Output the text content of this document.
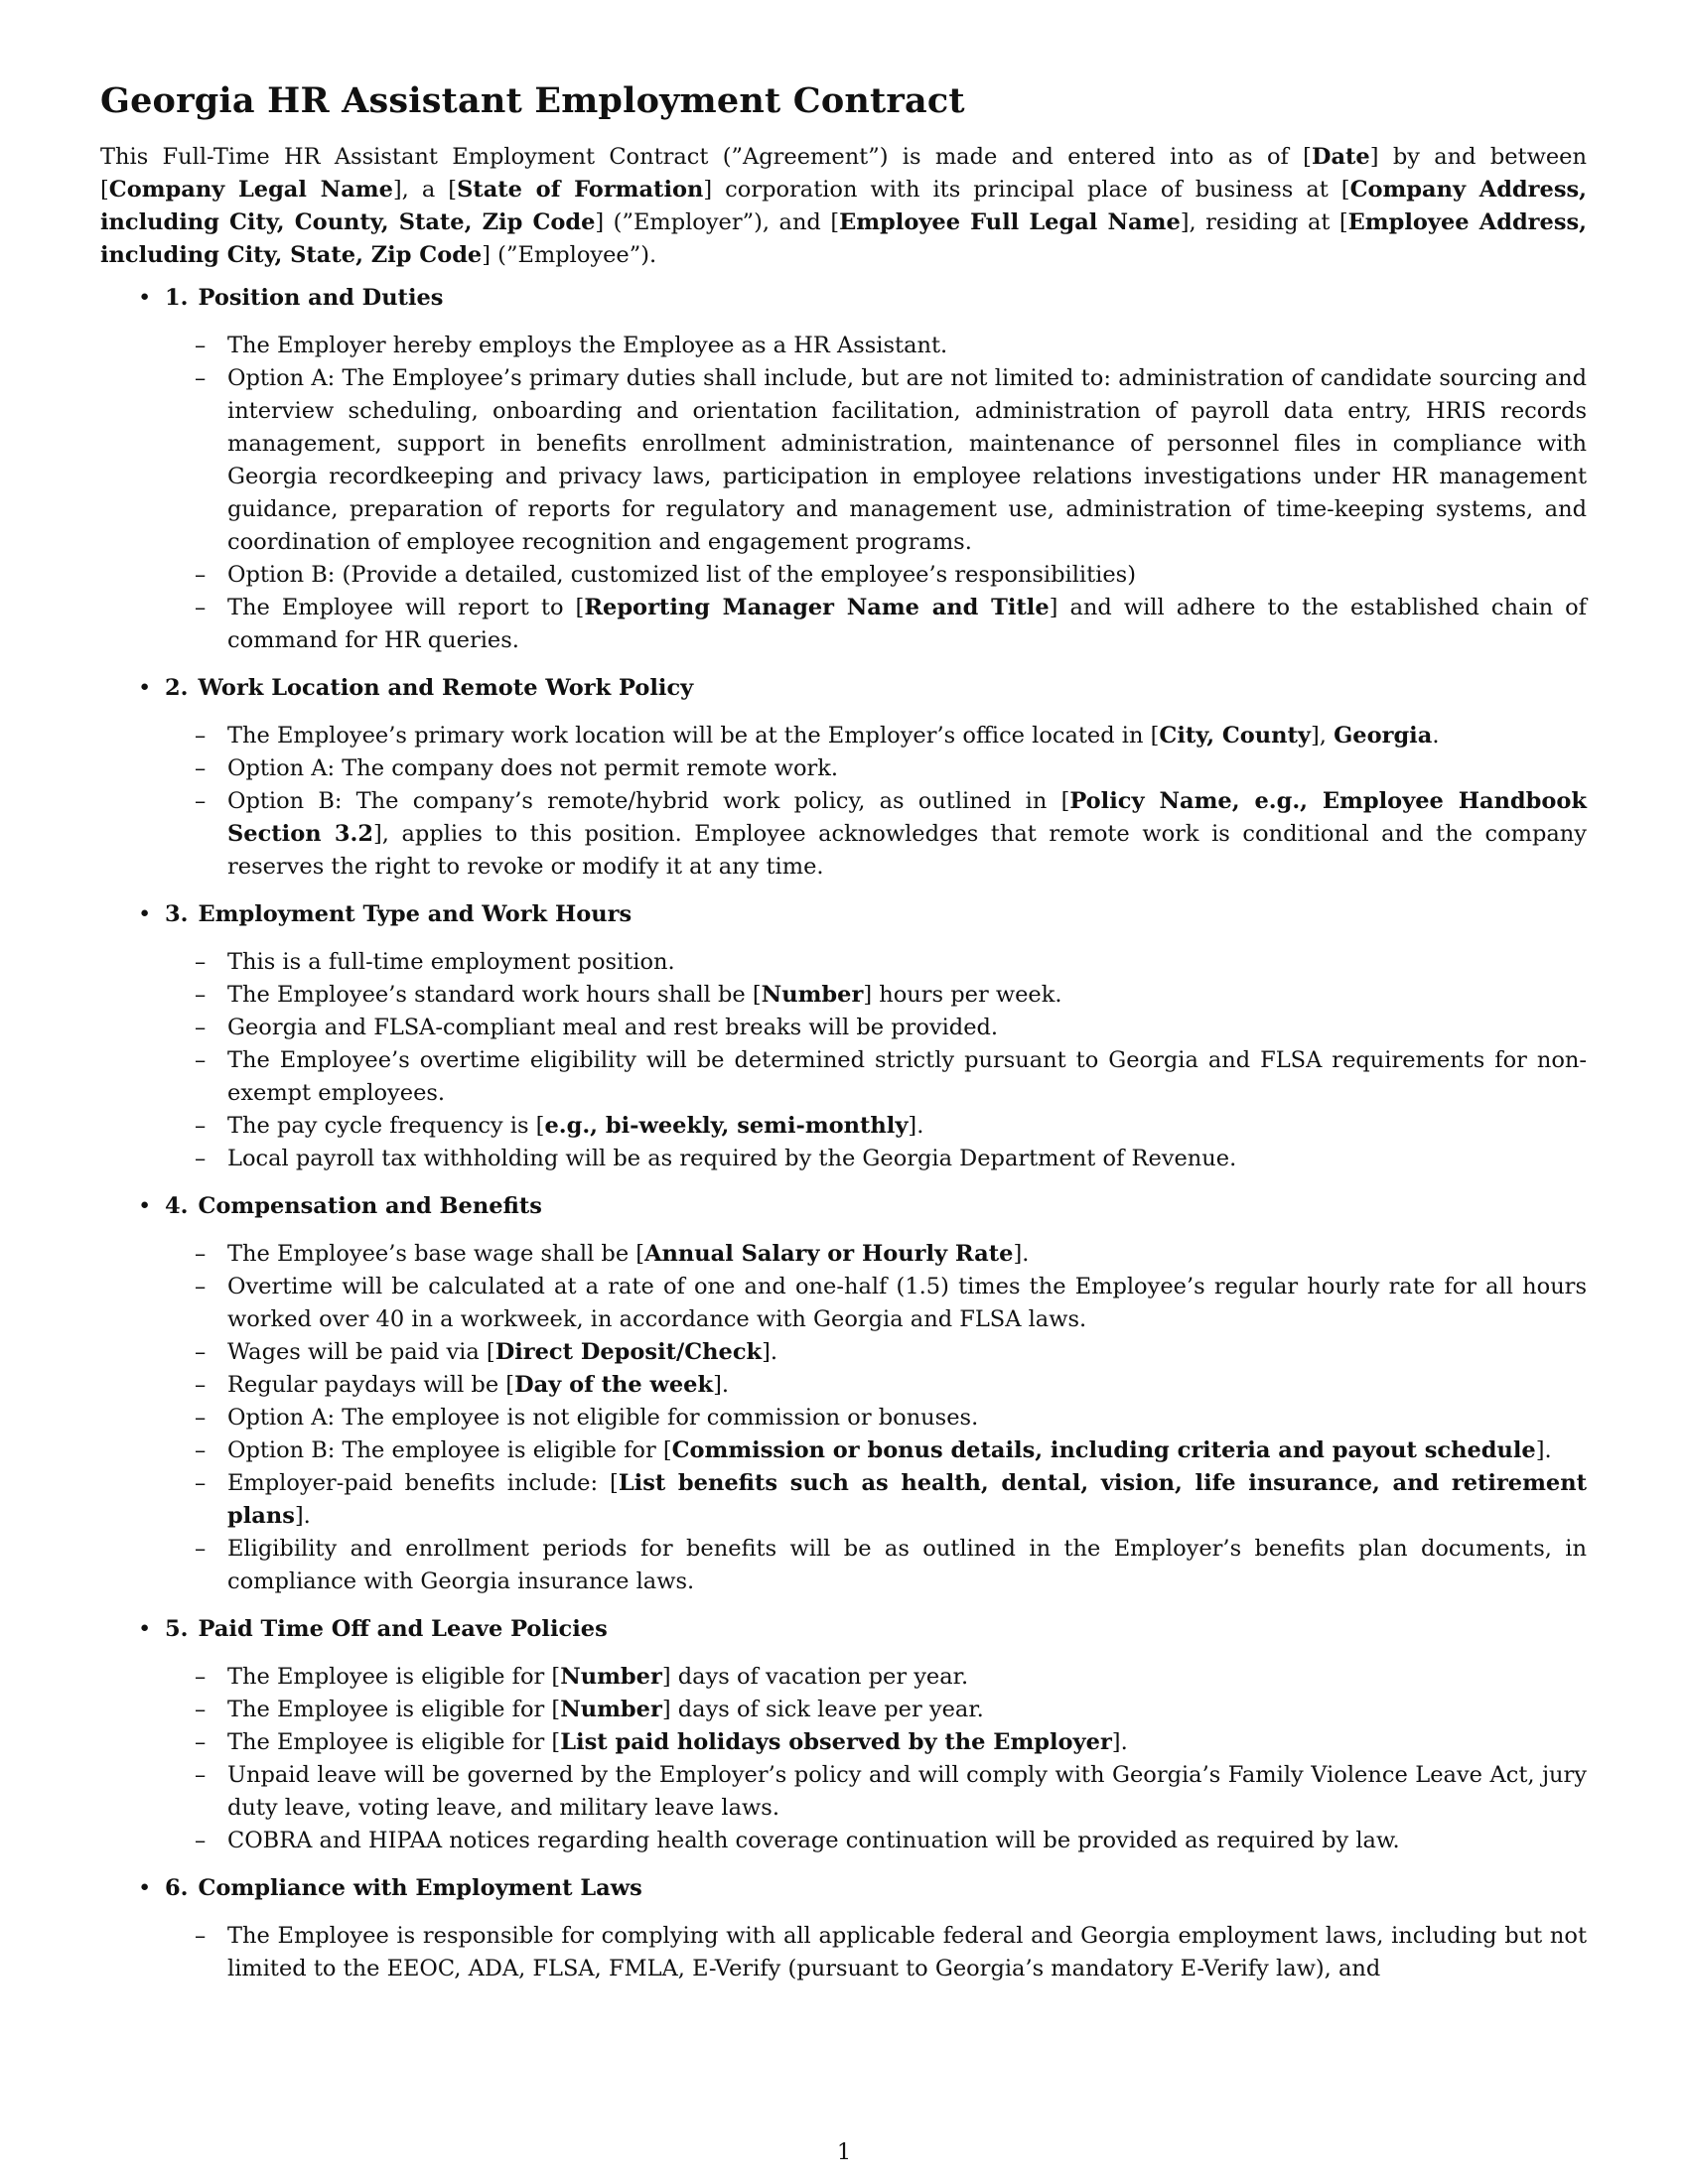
Georgia HR Assistant Employment Contract

This Full-Time HR Assistant Employment Contract (”Agreement”) is made and entered into as of [Date] by and between [Company Legal Name], a [State of Formation] corporation with its principal place of business at [Company Address, including City, County, State, Zip Code] (”Employer”), and [Employee Full Legal Name], residing at [Employee Address, including City, State, Zip Code] (”Employee”).

• 1. Position and Duties
– The Employer hereby employs the Employee as a HR Assistant.
– Option A: The Employee’s primary duties shall include, but are not limited to: administration of candidate sourcing and interview scheduling, onboarding and orientation facilitation, administration of payroll data entry, HRIS records management, support in benefits enrollment administration, maintenance of personnel files in compliance with Georgia recordkeeping and privacy laws, participation in employee relations investigations under HR management guidance, preparation of reports for regulatory and management use, administration of time-keeping systems, and coordination of employee recognition and engagement programs.
– Option B: (Provide a detailed, customized list of the employee’s responsibilities)
– The Employee will report to [Reporting Manager Name and Title] and will adhere to the established chain of command for HR queries.
• 2. Work Location and Remote Work Policy
– The Employee’s primary work location will be at the Employer’s office located in [City, County], Georgia.
– Option A: The company does not permit remote work.
– Option B: The company’s remote/hybrid work policy, as outlined in [Policy Name, e.g., Employee Handbook Section 3.2], applies to this position. Employee acknowledges that remote work is conditional and the company reserves the right to revoke or modify it at any time.
• 3. Employment Type and Work Hours
– This is a full-time employment position.
– The Employee’s standard work hours shall be [Number] hours per week.
– Georgia and FLSA-compliant meal and rest breaks will be provided.
– The Employee’s overtime eligibility will be determined strictly pursuant to Georgia and FLSA requirements for non-exempt employees.
– The pay cycle frequency is [e.g., bi-weekly, semi-monthly].
– Local payroll tax withholding will be as required by the Georgia Department of Revenue.
• 4. Compensation and Benefits
– The Employee’s base wage shall be [Annual Salary or Hourly Rate].
– Overtime will be calculated at a rate of one and one-half (1.5) times the Employee’s regular hourly rate for all hours worked over 40 in a workweek, in accordance with Georgia and FLSA laws.
– Wages will be paid via [Direct Deposit/Check].
– Regular paydays will be [Day of the week].
– Option A: The employee is not eligible for commission or bonuses.
– Option B: The employee is eligible for [Commission or bonus details, including criteria and payout schedule].
– Employer-paid benefits include: [List benefits such as health, dental, vision, life insurance, and retirement plans].
– Eligibility and enrollment periods for benefits will be as outlined in the Employer’s benefits plan documents, in compliance with Georgia insurance laws.
• 5. Paid Time Off and Leave Policies
– The Employee is eligible for [Number] days of vacation per year.
– The Employee is eligible for [Number] days of sick leave per year.
– The Employee is eligible for [List paid holidays observed by the Employer].
– Unpaid leave will be governed by the Employer’s policy and will comply with Georgia’s Family Violence Leave Act, jury duty leave, voting leave, and military leave laws.
– COBRA and HIPAA notices regarding health coverage continuation will be provided as required by law.
• 6. Compliance with Employment Laws
– The Employee is responsible for complying with all applicable federal and Georgia employment laws, including but not limited to the EEOC, ADA, FLSA, FMLA, E-Verify (pursuant to Georgia’s mandatory E-Verify law), and
1
